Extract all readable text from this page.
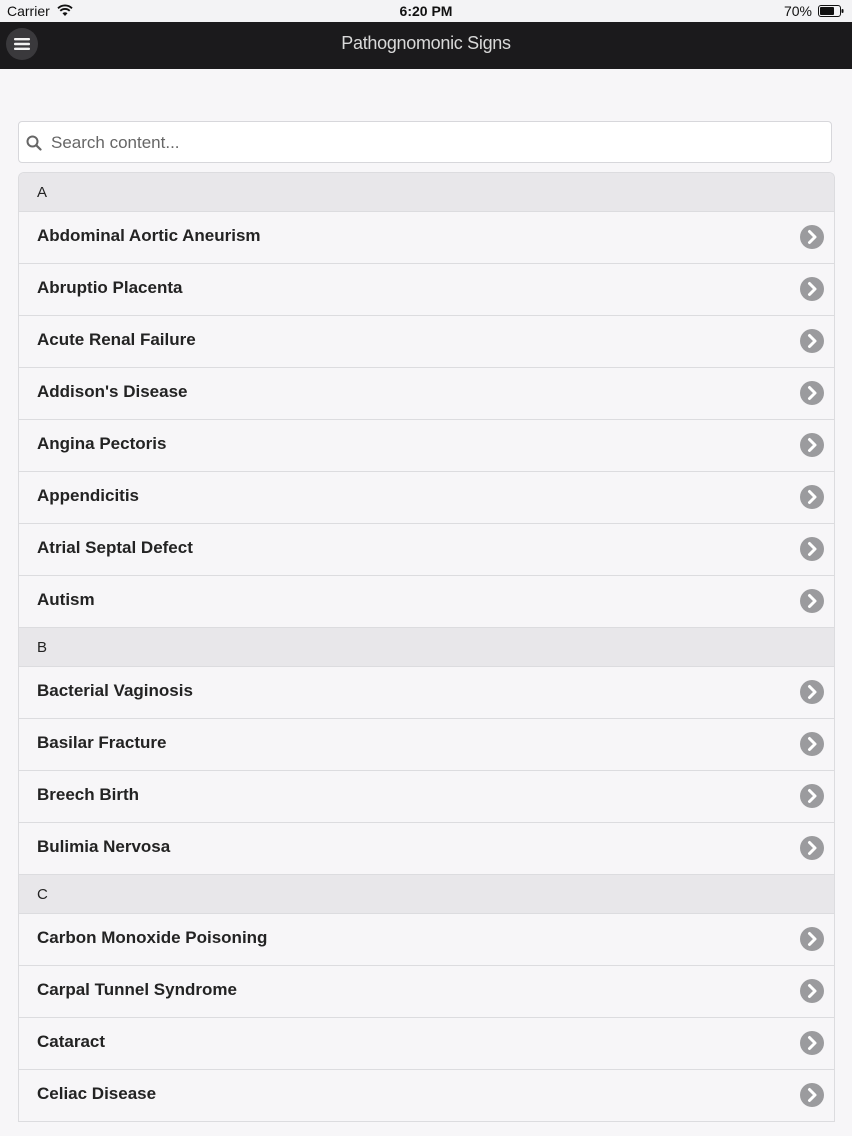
Carrier	6:20 PM	70%
Pathognomonic Signs
Search content...
A
Abdominal Aortic Aneurism
Abruptio Placenta
Acute Renal Failure
Addison's Disease
Angina Pectoris
Appendicitis
Atrial Septal Defect
Autism
B
Bacterial Vaginosis
Basilar Fracture
Breech Birth
Bulimia Nervosa
C
Carbon Monoxide Poisoning
Carpal Tunnel Syndrome
Cataract
Celiac Disease
